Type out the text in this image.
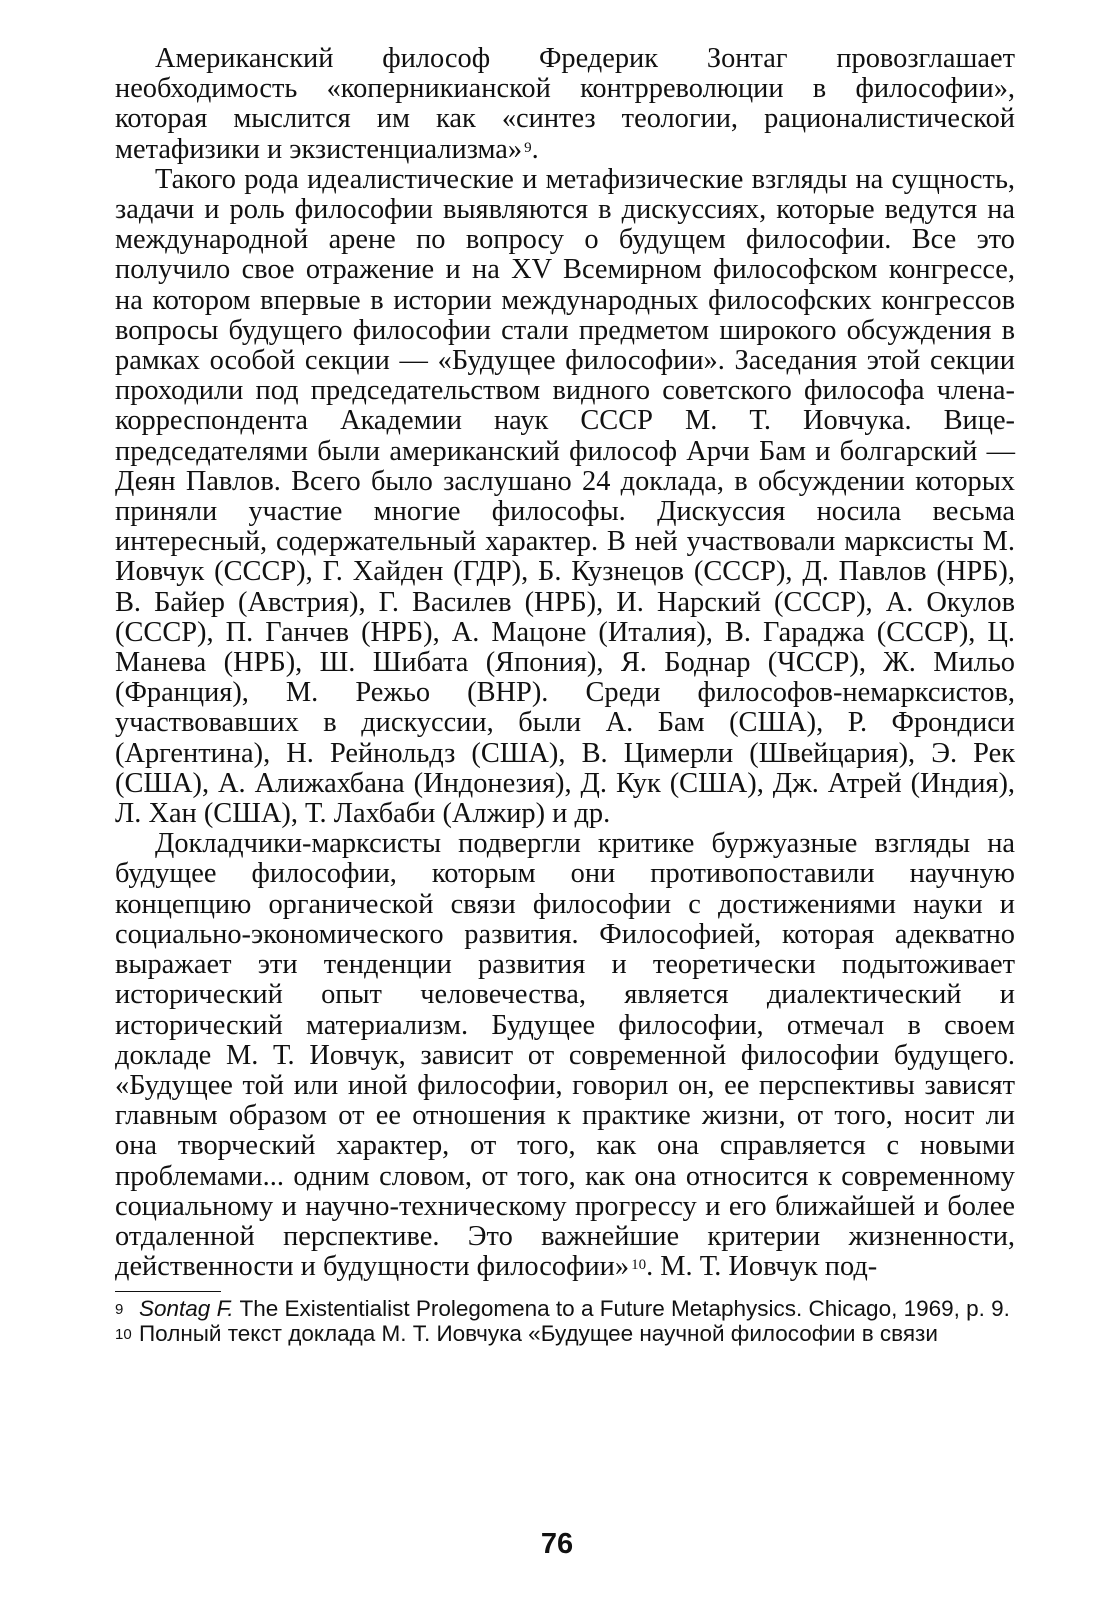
Американский философ Фредерик Зонтаг провозглашает необходимость «коперникианской контрреволюции в философии», которая мыслится им как «синтез теологии, рационалистической метафизики и экзистенциализма» $^9$.

Такого рода идеалистические и метафизические взгляды на сущность, задачи и роль философии выявляются в дискуссиях, которые ведутся на международной арене по вопросу о будущем философии. Все это получило свое отражение и на XV Всемирном философском конгрессе, на котором впервые в истории международных философских конгрессов вопросы будущего философии стали предметом широкого обсуждения в рамках особой секции — «Будущее философии». Заседания этой секции проходили под председательством видного советского философа члена-корреспондента Академии наук СССР М. Т. Иовчука. Вице-председателями были американский философ Арчи Бам и болгарский — Деян Павлов. Всего было заслушано 24 доклада, в обсуждении которых приняли участие многие философы. Дискуссия носила весьма интересный, содержательный характер. В ней участвовали марксисты М. Иовчук (СССР), Г. Хайден (ГДР), Б. Кузнецов (СССР), Д. Павлов (НРБ), В. Байер (Австрия), Г. Василев (НРБ), И. Нарский (СССР), А. Окулов (СССР), П. Ганчев (НРБ), А. Мацоне (Италия), В. Гараджа (СССР), Ц. Манева (НРБ), Ш. Шибата (Япония), Я. Боднар (ЧССР), Ж. Мильо (Франция), М. Режьо (ВНР). Среди философов-немарксистов, участвовавших в дискуссии, были А. Бам (США), Р. Фрондиси (Аргентина), Н. Рейнольдз (США), В. Цимерли (Швейцария), Э. Рек (США), А. Алижахбана (Индонезия), Д. Кук (США), Дж. Атрей (Индия), Л. Хан (США), Т. Лахбаби (Алжир) и др.

Докладчики-марксисты подвергли критике буржуазные взгляды на будущее философии, которым они противопоставили научную концепцию органической связи философии с достижениями науки и социально-экономического развития. Философией, которая адекватно выражает эти тенденции развития и теоретически подытоживает исторический опыт человечества, является диалектический и исторический материализм. Будущее философии, отмечал в своем докладе М. Т. Иовчук, зависит от современной философии будущего. «Будущее той или иной философии, говорил он, ее перспективы зависят главным образом от ее отношения к практике жизни, от того, носит ли она творческий характер, от того, как она справляется с новыми проблемами... одним словом, от того, как она относится к современному социальному и научно-техническому прогрессу и его ближайшей и более отдаленной перспективе. Это важнейшие критерии жизненности, действенности и будущности философии» $^{10}$. М. Т. Иовчук под-

9 Sontag F. The Existentialist Prolegomena to a Future Metaphysics. Chicago, 1969, p. 9.

10 Полный текст доклада М. Т. Иовчука «Будущее научной философии в связи

76
